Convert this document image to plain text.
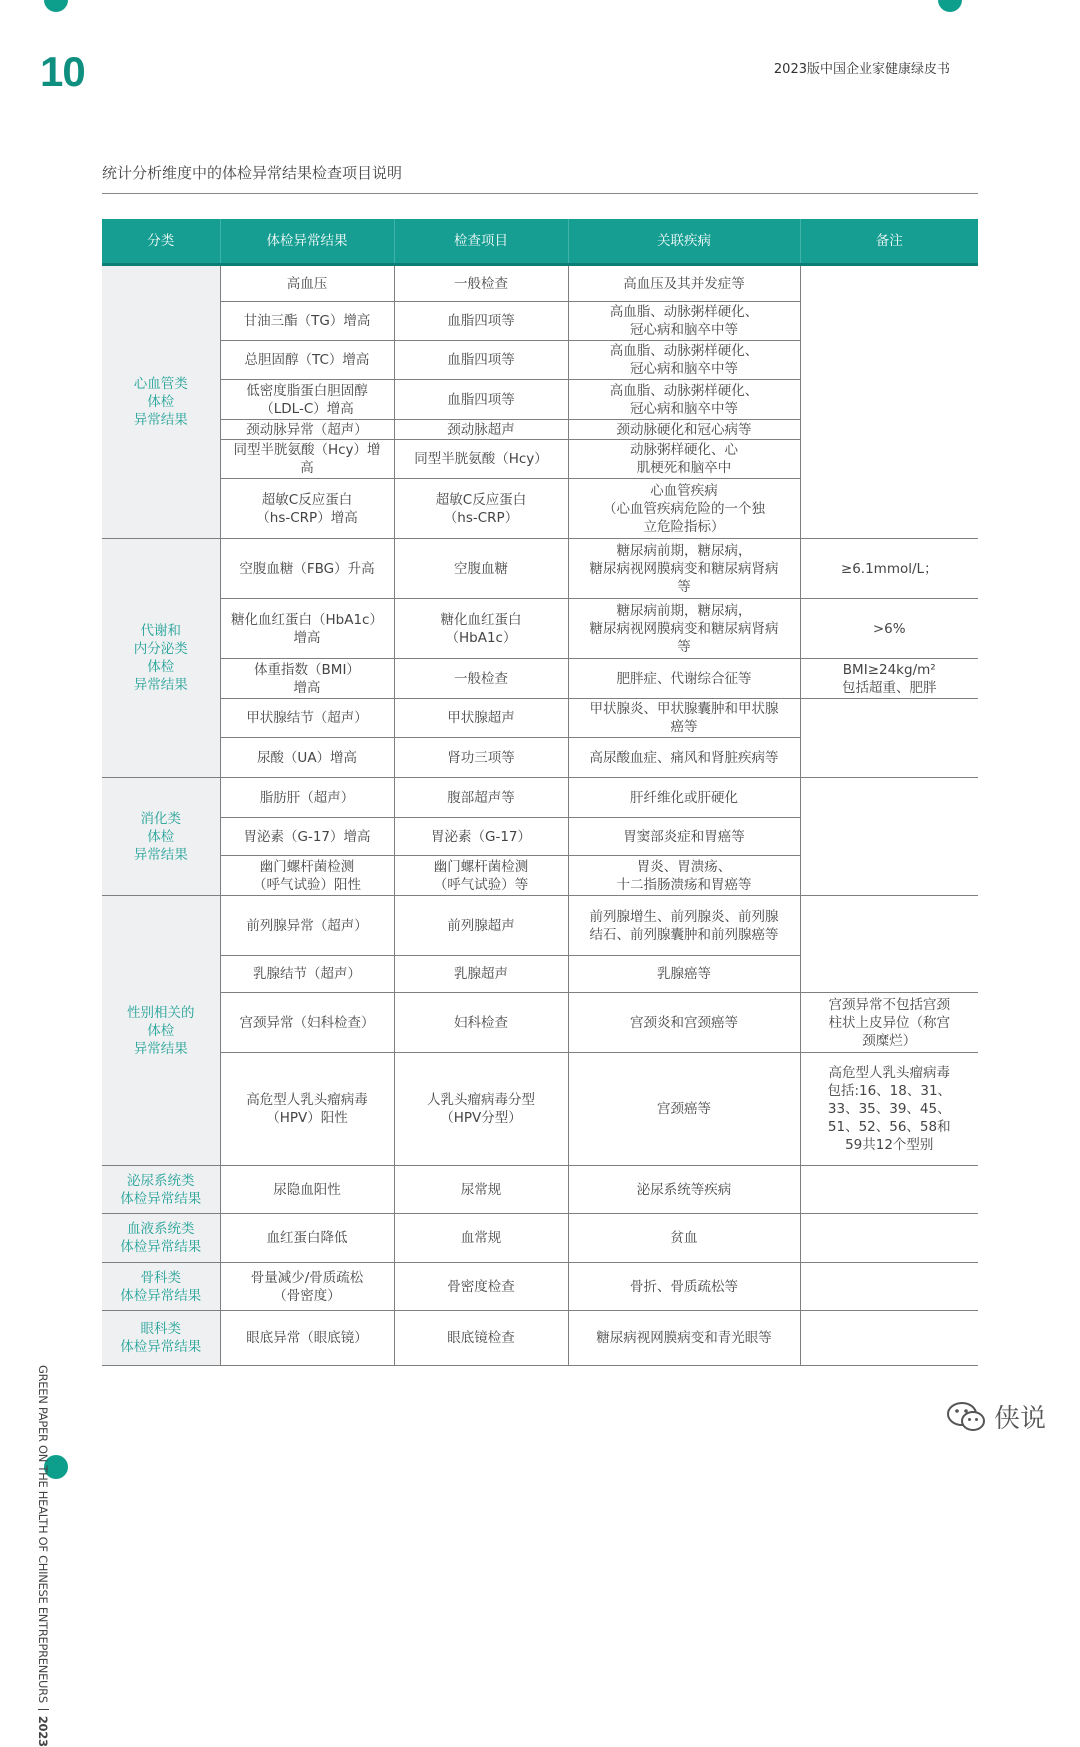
10	2023版中国企业家健康绿皮书
统计分析维度中的体检异常结果检查项目说明
分类	体检异常结果	检查项目	关联疾病	备注
心血管类
体检
异常结果	高血压	一般检查	高血压及其并发症等	
	甘油三酯（TG）增高	血脂四项等	高血脂、动脉粥样硬化、
冠心病和脑卒中等	
	总胆固醇（TC）增高	血脂四项等	高血脂、动脉粥样硬化、
冠心病和脑卒中等	
	低密度脂蛋白胆固醇
（LDL-C）增高	血脂四项等	高血脂、动脉粥样硬化、
冠心病和脑卒中等	
	颈动脉异常（超声）	颈动脉超声	颈动脉硬化和冠心病等	
	同型半胱氨酸（Hcy）增
高	同型半胱氨酸（Hcy）	动脉粥样硬化、心
肌梗死和脑卒中	
	超敏C反应蛋白
（hs-CRP）增高	超敏C反应蛋白
（hs-CRP）	心血管疾病
（心血管疾病危险的一个独
立危险指标）	
代谢和
内分泌类
体检
异常结果	空腹血糖（FBG）升高	空腹血糖	糖尿病前期，糖尿病，
糖尿病视网膜病变和糖尿病肾病
等	≥6.1mmol/L；
	糖化血红蛋白（HbA1c）
增高	糖化血红蛋白
（HbA1c）	糖尿病前期，糖尿病，
糖尿病视网膜病变和糖尿病肾病
等	>6%
	体重指数（BMI）
增高	一般检查	肥胖症、代谢综合征等	BMI≥24kg/m²
包括超重、肥胖
	甲状腺结节（超声）	甲状腺超声	甲状腺炎、甲状腺囊肿和甲状腺
癌等	
	尿酸（UA）增高	肾功三项等	高尿酸血症、痛风和肾脏疾病等	
消化类
体检
异常结果	脂肪肝（超声）	腹部超声等	肝纤维化或肝硬化	
	胃泌素（G-17）增高	胃泌素（G-17）	胃窦部炎症和胃癌等	
	幽门螺杆菌检测
（呼气试验）阳性	幽门螺杆菌检测
（呼气试验）等	胃炎、胃溃疡、
十二指肠溃疡和胃癌等	
性别相关的
体检
异常结果	前列腺异常（超声）	前列腺超声	前列腺增生、前列腺炎、前列腺
结石、前列腺囊肿和前列腺癌等	
	乳腺结节（超声）	乳腺超声	乳腺癌等	
	宫颈异常（妇科检查）	妇科检查	宫颈炎和宫颈癌等	宫颈异常不包括宫颈
柱状上皮异位（称宫
颈糜烂）
	高危型人乳头瘤病毒
（HPV）阳性	人乳头瘤病毒分型
（HPV分型）	宫颈癌等	高危型人乳头瘤病毒
包括:16、18、31、
33、35、39、45、
51、52、56、58和
59共12个型别
泌尿系统类
体检异常结果	尿隐血阳性	尿常规	泌尿系统等疾病	
血液系统类
体检异常结果	血红蛋白降低	血常规	贫血	
骨科类
体检异常结果	骨量减少/骨质疏松
（骨密度）	骨密度检查	骨折、骨质疏松等	
眼科类
体检异常结果	眼底异常（眼底镜）	眼底镜检查	糖尿病视网膜病变和青光眼等	
GREEN PAPER ON THE HEALTH OF CHINESE ENTREPRENEURS2023
侠说
